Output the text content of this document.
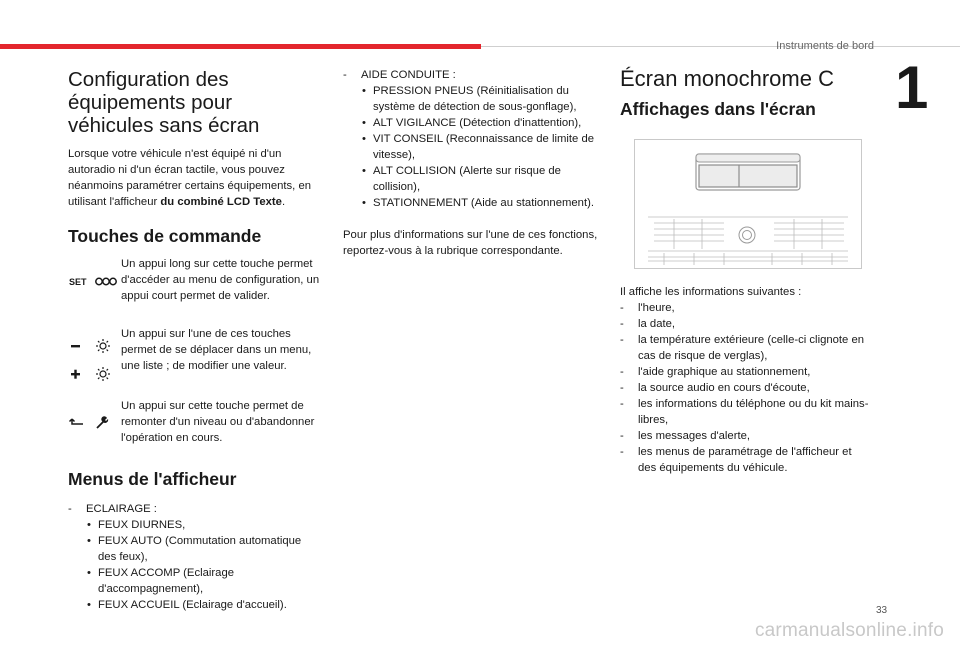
Instruments de bord
1
Configuration des équipements pour véhicules sans écran

Lorsque votre véhicule n'est équipé ni d'un autoradio ni d'un écran tactile, vous pouvez néanmoins paramétrer certains équipements, en utilisant l'afficheur du combiné LCD Texte.

Touches de commande
SET

Un appui long sur cette touche permet d'accéder au menu de configuration, un appui court permet de valider.

Un appui sur l'une de ces touches permet de se déplacer dans un menu, une liste ; de modifier une valeur.

Un appui sur cette touche permet de remonter d'un niveau ou d'abandonner l'opération en cours.

Menus de l'afficheur
- ECLAIRAGE :
• FEUX DIURNES,
• FEUX AUTO (Commutation automatique des feux),
• FEUX ACCOMP (Eclairage d'accompagnement),
• FEUX ACCUEIL (Eclairage d'accueil).
- AIDE CONDUITE :
• PRESSION PNEUS (Réinitialisation du système de détection de sous-gonflage),
• ALT VIGILANCE (Détection d'inattention),
• VIT CONSEIL (Reconnaissance de limite de vitesse),
• ALT COLLISION (Alerte sur risque de collision),
• STATIONNEMENT (Aide au stationnement).

Pour plus d'informations sur l'une de ces fonctions, reportez-vous à la rubrique correspondante.

Écran monochrome C
Affichages dans l'écran

Il affiche les informations suivantes :

- l'heure,
- la date,
- la température extérieure (celle-ci clignote en cas de risque de verglas),
- l'aide graphique au stationnement,
- la source audio en cours d'écoute,
- les informations du téléphone ou du kit mains-libres,
- les messages d'alerte,
- les menus de paramétrage de l'afficheur et des équipements du véhicule.
33
carmanualsonline.info
